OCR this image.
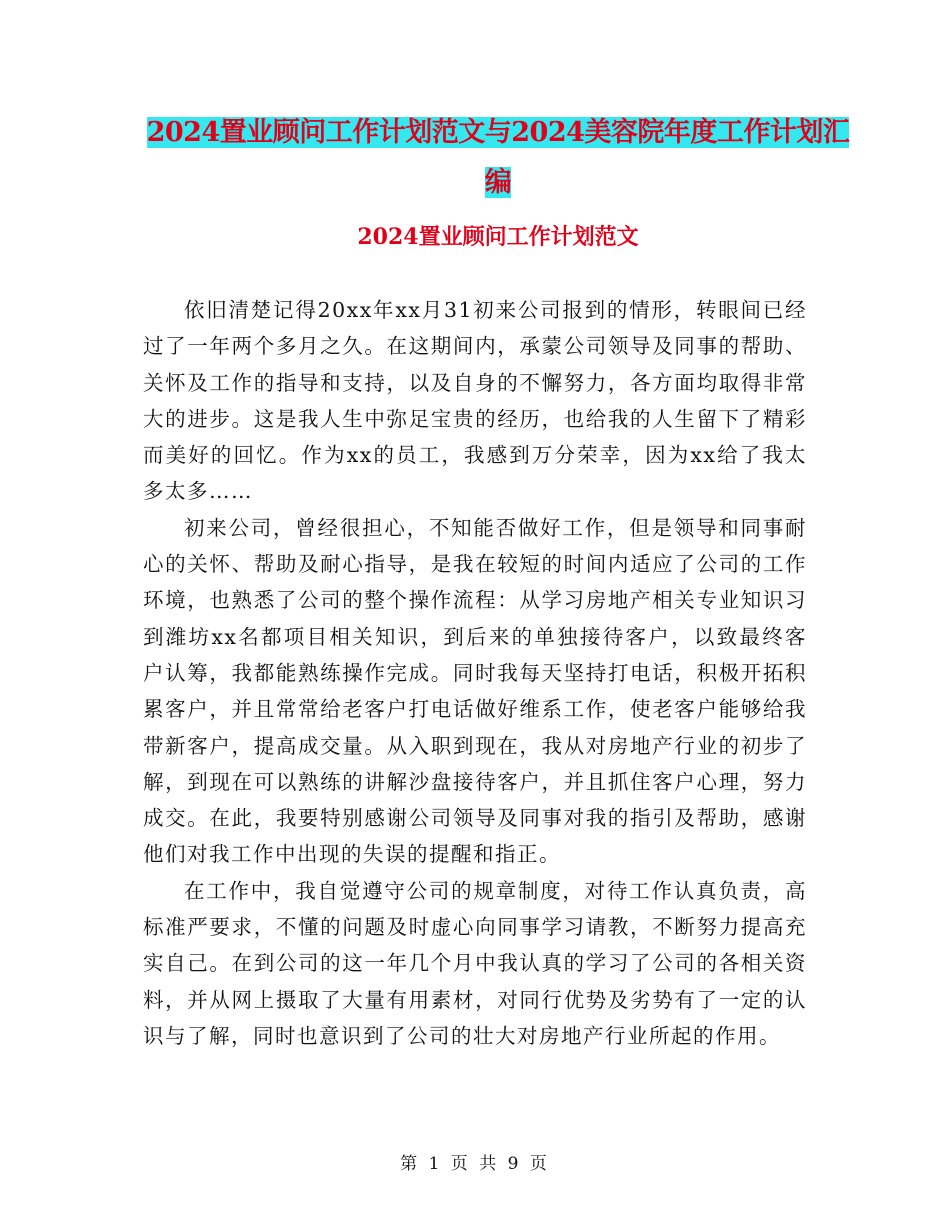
2024置业顾问工作计划范文与2024美容院年度工作计划汇编
2024置业顾问工作计划范文

依旧清楚记得20xx年xx月31初来公司报到的情形，转眼间已经过了一年两个多月之久。在这期间内，承蒙公司领导及同事的帮助、关怀及工作的指导和支持，以及自身的不懈努力，各方面均取得非常大的进步。这是我人生中弥足宝贵的经历，也给我的人生留下了精彩而美好的回忆。作为xx的员工，我感到万分荣幸，因为xx给了我太多太多……

初来公司，曾经很担心，不知能否做好工作，但是领导和同事耐心的关怀、帮助及耐心指导，是我在较短的时间内适应了公司的工作环境，也熟悉了公司的整个操作流程：从学习房地产相关专业知识习到潍坊xx名都项目相关知识，到后来的单独接待客户，以致最终客户认筹，我都能熟练操作完成。同时我每天坚持打电话，积极开拓积累客户，并且常常给老客户打电话做好维系工作，使老客户能够给我带新客户，提高成交量。从入职到现在，我从对房地产行业的初步了解，到现在可以熟练的讲解沙盘接待客户，并且抓住客户心理，努力成交。在此，我要特别感谢公司领导及同事对我的指引及帮助，感谢他们对我工作中出现的失误的提醒和指正。

在工作中，我自觉遵守公司的规章制度，对待工作认真负责，高标准严要求，不懂的问题及时虚心向同事学习请教，不断努力提高充实自己。在到公司的这一年几个月中我认真的学习了公司的各相关资料，并从网上摄取了大量有用素材，对同行优势及劣势有了一定的认识与了解，同时也意识到了公司的壮大对房地产行业所起的作用。

第 1 页 共 9 页
